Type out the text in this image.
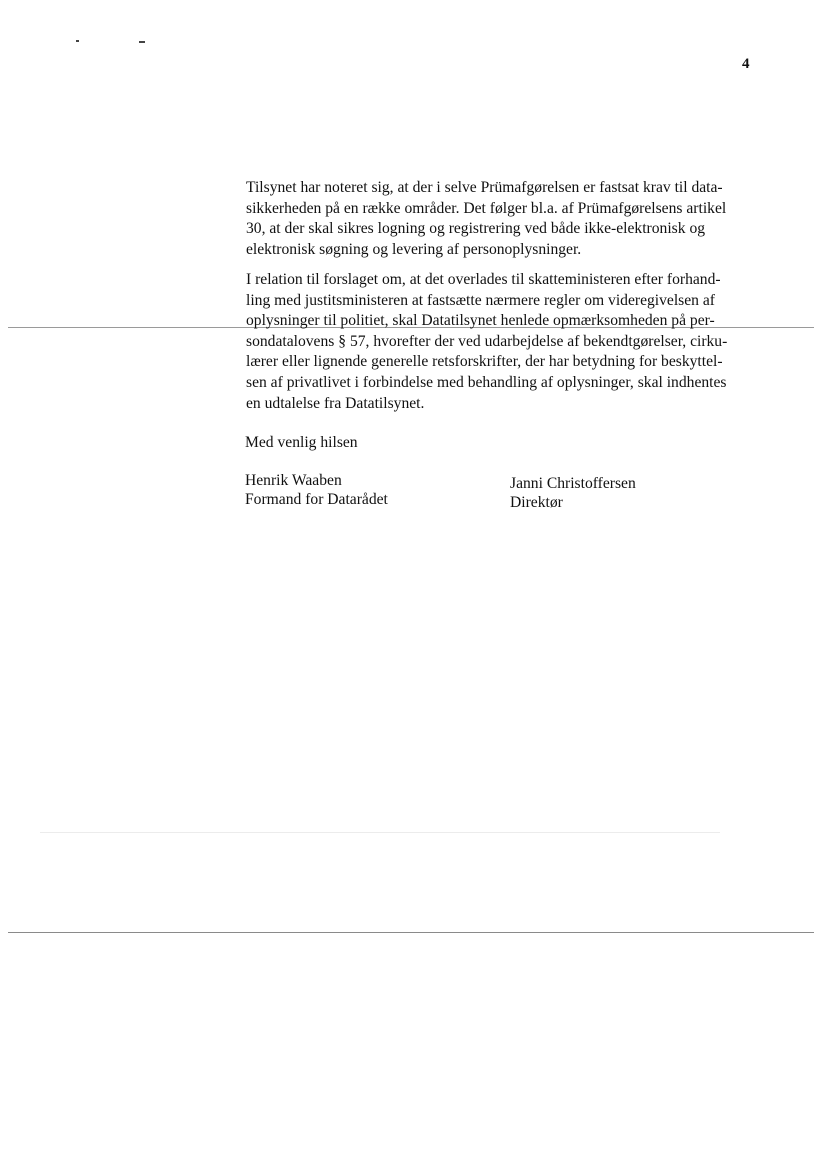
4
Tilsynet har noteret sig, at der i selve Prümafgørelsen er fastsat krav til data-
sikkerheden på en række områder. Det følger bl.a. af Prümafgørelsens artikel
30, at der skal sikres logning og registrering ved både ikke-elektronisk og
elektronisk søgning og levering af personoplysninger.
I relation til forslaget om, at det overlades til skatteministeren efter forhand-
ling med justitsministeren at fastsætte nærmere regler om videregivelsen af
oplysninger til politiet, skal Datatilsynet henlede opmærksomheden på per-
sondatalovens § 57, hvorefter der ved udarbejdelse af bekendtgørelser, cirku-
lærer eller lignende generelle retsforskrifter, der har betydning for beskyttel-
sen af privatlivet i forbindelse med behandling af oplysninger, skal indhentes
en udtalelse fra Datatilsynet.
Med venlig hilsen
Henrik Waaben
Formand for Datarådet
Janni Christoffersen
Direktør
